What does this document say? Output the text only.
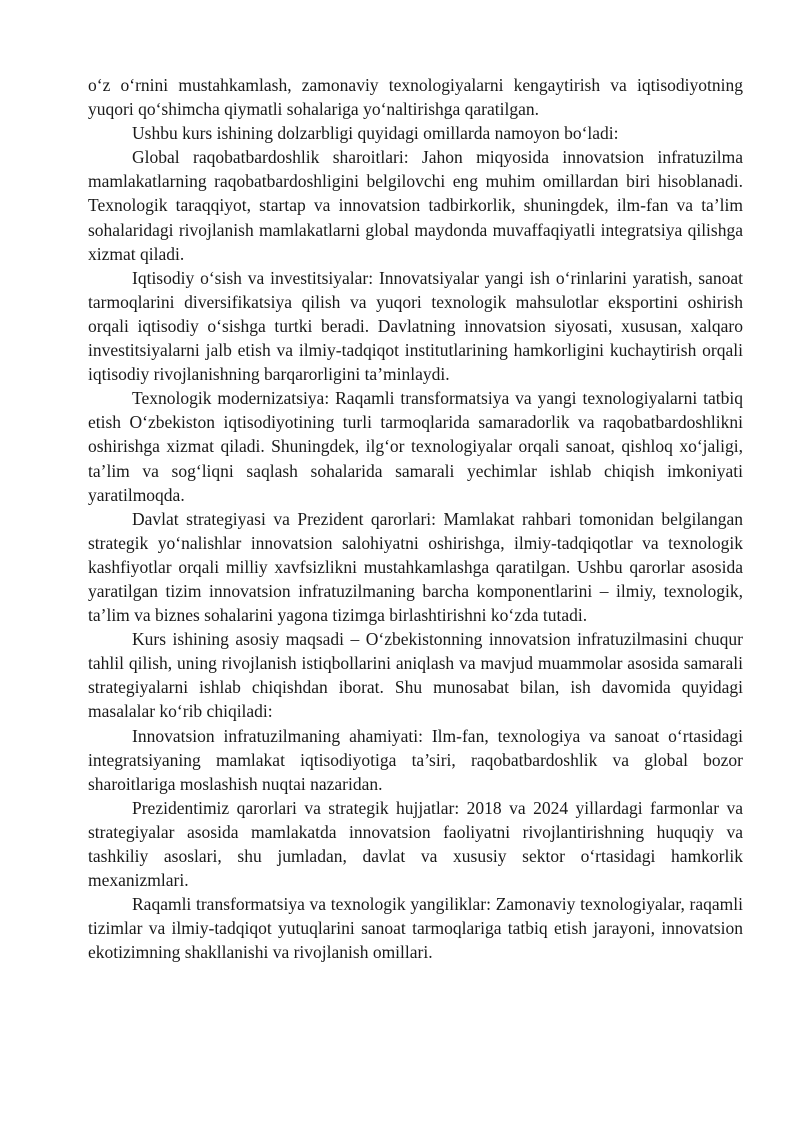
o‘z o‘rnini mustahkamlash, zamonaviy texnologiyalarni kengaytirish va iqtisodiyotning yuqori qo‘shimcha qiymatli sohalariga yo‘naltirishga qaratilgan.

Ushbu kurs ishining dolzarbligi quyidagi omillarda namoyon bo‘ladi:

Global raqobatbardoshlik sharoitlari: Jahon miqyosida innovatsion infratuzilma mamlakatlarning raqobatbardoshligini belgilovchi eng muhim omillardan biri hisoblanadi. Texnologik taraqqiyot, startap va innovatsion tadbirkorlik, shuningdek, ilm-fan va ta’lim sohalaridagi rivojlanish mamlakatlarni global maydonda muvaffaqiyatli integratsiya qilishga xizmat qiladi.

Iqtisodiy o‘sish va investitsiyalar: Innovatsiyalar yangi ish o‘rinlarini yaratish, sanoat tarmoqlarini diversifikatsiya qilish va yuqori texnologik mahsulotlar eksportini oshirish orqali iqtisodiy o‘sishga turtki beradi. Davlatning innovatsion siyosati, xususan, xalqaro investitsiyalarni jalb etish va ilmiy-tadqiqot institutlarining hamkorligini kuchaytirish orqali iqtisodiy rivojlanishning barqarorligini ta’minlaydi.

Texnologik modernizatsiya: Raqamli transformatsiya va yangi texnologiyalarni tatbiq etish O‘zbekiston iqtisodiyotining turli tarmoqlarida samaradorlik va raqobatbardoshlikni oshirishga xizmat qiladi. Shuningdek, ilg‘or texnologiyalar orqali sanoat, qishloq xo‘jaligi, ta’lim va sog‘liqni saqlash sohalarida samarali yechimlar ishlab chiqish imkoniyati yaratilmoqda.

Davlat strategiyasi va Prezident qarorlari: Mamlakat rahbari tomonidan belgilangan strategik yo‘nalishlar innovatsion salohiyatni oshirishga, ilmiy-tadqiqotlar va texnologik kashfiyotlar orqali milliy xavfsizlikni mustahkamlashga qaratilgan. Ushbu qarorlar asosida yaratilgan tizim innovatsion infratuzilmaning barcha komponentlarini – ilmiy, texnologik, ta’lim va biznes sohalarini yagona tizimga birlashtirishni ko‘zda tutadi.

Kurs ishining asosiy maqsadi – O‘zbekistonning innovatsion infratuzilmasini chuqur tahlil qilish, uning rivojlanish istiqbollarini aniqlash va mavjud muammolar asosida samarali strategiyalarni ishlab chiqishdan iborat. Shu munosabat bilan, ish davomida quyidagi masalalar ko‘rib chiqiladi:

Innovatsion infratuzilmaning ahamiyati: Ilm-fan, texnologiya va sanoat o‘rtasidagi integratsiyaning mamlakat iqtisodiyotiga ta’siri, raqobatbardoshlik va global bozor sharoitlariga moslashish nuqtai nazaridan.

Prezidentimiz qarorlari va strategik hujjatlar: 2018 va 2024 yillardagi farmonlar va strategiyalar asosida mamlakatda innovatsion faoliyatni rivojlantirishning huquqiy va tashkiliy asoslari, shu jumladan, davlat va xususiy sektor o‘rtasidagi hamkorlik mexanizmlari.

Raqamli transformatsiya va texnologik yangiliklar: Zamonaviy texnologiyalar, raqamli tizimlar va ilmiy-tadqiqot yutuqlarini sanoat tarmoqlariga tatbiq etish jarayoni, innovatsion ekotizimning shakllanishi va rivojlanish omillari.
